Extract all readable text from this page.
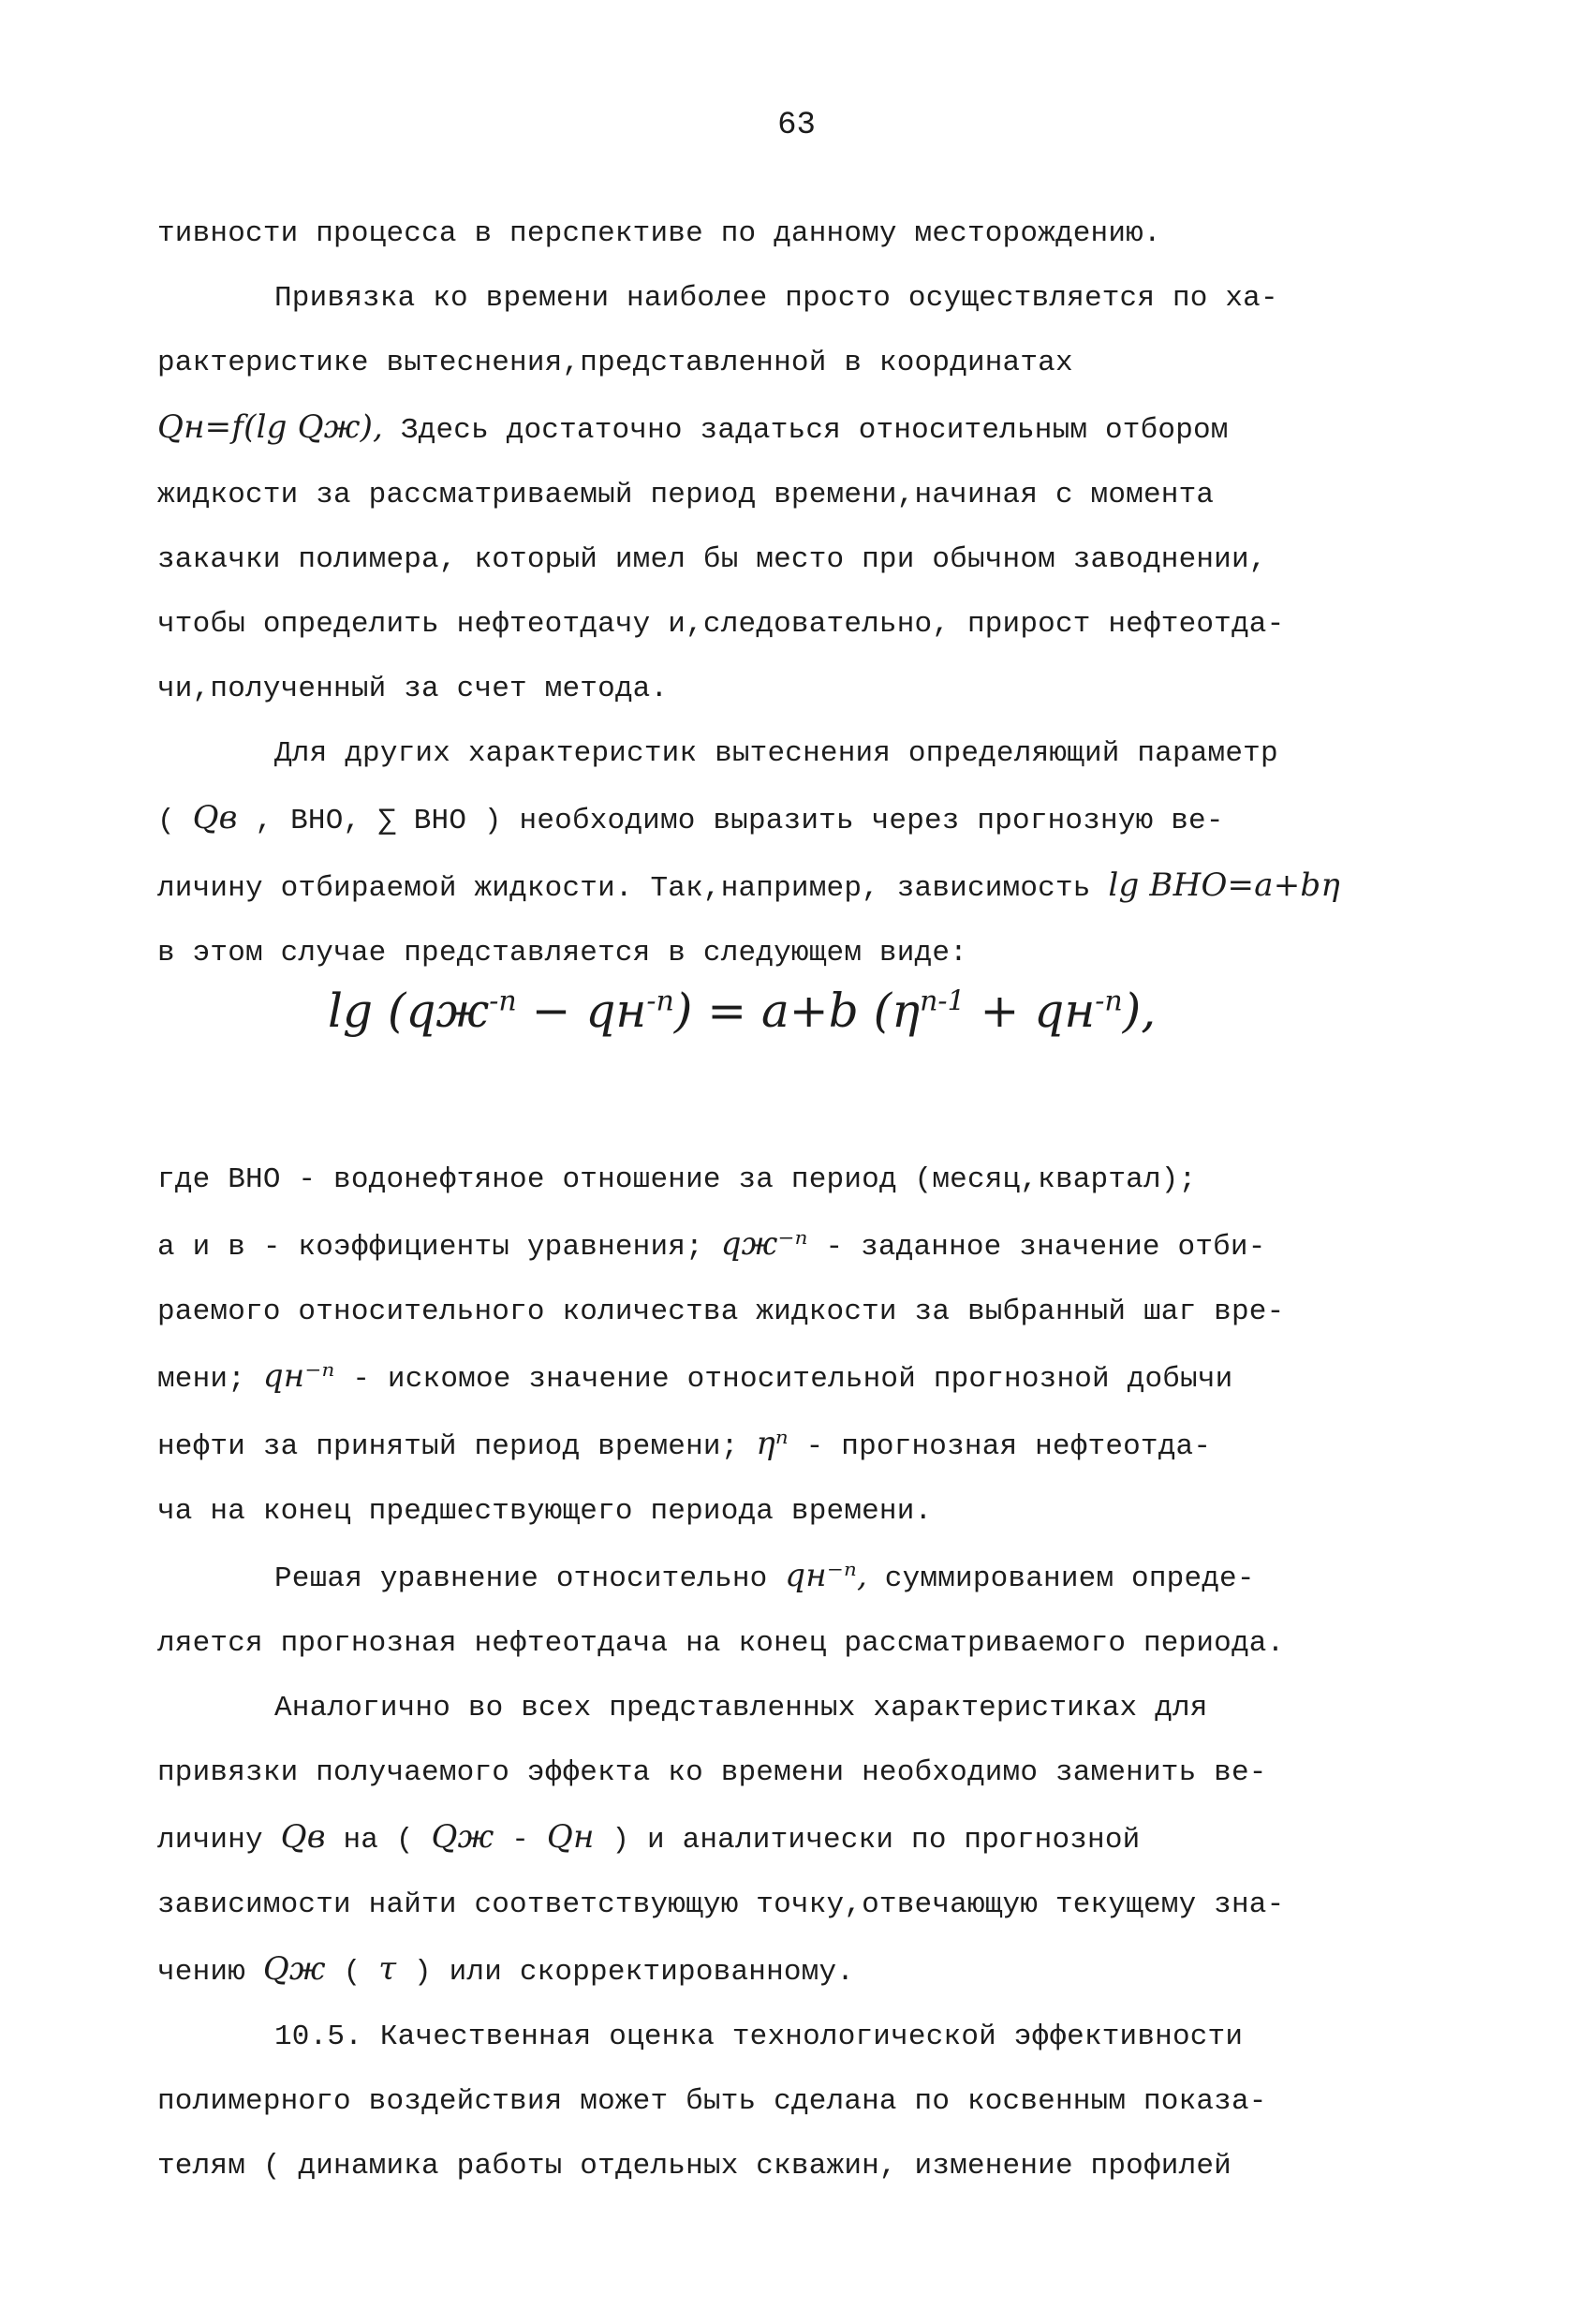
63
тивности процесса в перспективе по данному месторождению.
Привязка ко времени наиболее просто осуществляется по ха-
рактеристике вытеснения,представленной в координатах
Qн=f(lg Qж), Здесь достаточно задаться относительным отбором
жидкости за рассматриваемый период времени,начиная с момента
закачки полимера, который имел бы место при обычном заводнении,
чтобы определить нефтеотдачу и,следовательно, прирост нефтеотда-
чи,полученный за счет метода.
Для других характеристик вытеснения определяющий параметр
( Qв , ВНО, ∑ ВНО ) необходимо выразить через прогнозную ве-
личину отбираемой жидкости. Так,например, зависимость lg ВНО=a+bη
в этом случае представляется в следующем виде:
$\lg (qж^{-n} - qн^{-n}) = a+b$ $(\eta^{n-1} + qн^{-n})$,
где ВНО - водонефтяное отношение за период (месяц,квартал);
а и в - коэффициенты уравнения; qж⁻ⁿ - заданное значение отби-
раемого относительного количества жидкости за выбранный шаг вре-
мени; qн⁻ⁿ - искомое значение относительной прогнозной добычи
нефти за принятый период времени; ηⁿ - прогнозная нефтеотда-
ча на конец предшествующего периода времени.
Решая уравнение относительно qн⁻ⁿ, суммированием опреде-
ляется прогнозная нефтеотдача на конец рассматриваемого периода.
Аналогично во всех представленных характеристиках для
привязки получаемого эффекта ко времени необходимо заменить ве-
личину Qв на ( Qж - Qн ) и аналитически по прогнозной
зависимости найти соответствующую точку,отвечающую текущему зна-
чению Qж ( τ ) или скорректированному.
10.5. Качественная оценка технологической эффективности
полимерного воздействия может быть сделана по косвенным показа-
телям ( динамика работы отдельных скважин, изменение профилей
